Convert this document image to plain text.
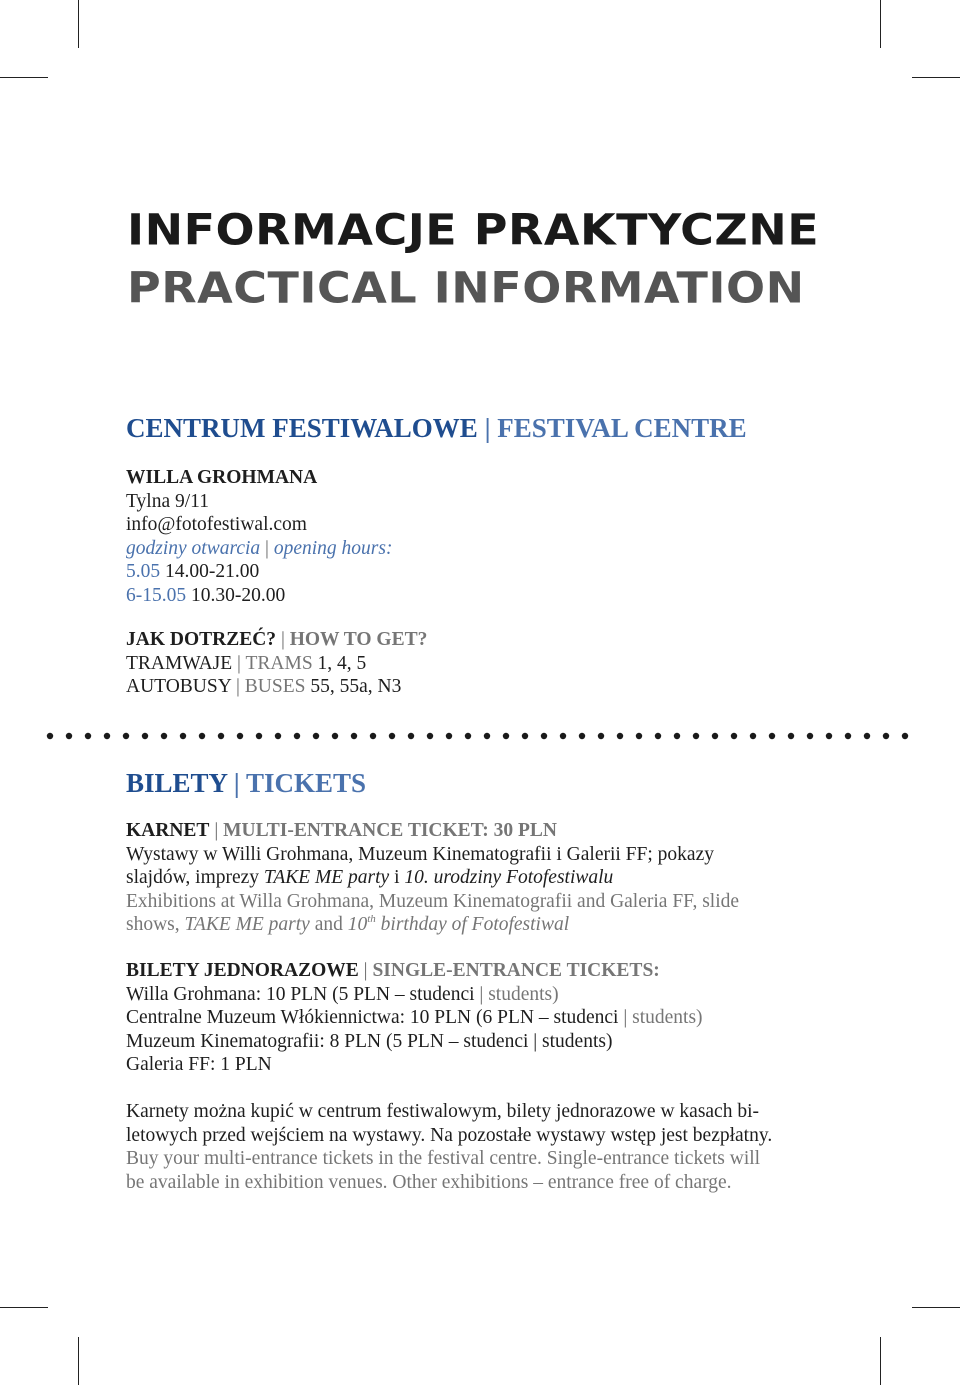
INFORMACJE PRAKTYCZNE
PRACTICAL INFORMATION
CENTRUM FESTIWALOWE | FESTIVAL CENTRE
WILLA GROHMANA
Tylna 9/11
info@fotofestiwal.com
godziny otwarcia | opening hours:
5.05 14.00-21.00
6-15.05 10.30-20.00
JAK DOTRZEĆ? | HOW TO GET?
TRAMWAJE | TRAMS 1, 4, 5
AUTOBUSY | BUSES 55, 55a, N3
BILETY | TICKETS
KARNET | MULTI-ENTRANCE TICKET: 30 PLN
Wystawy w Willi Grohmana, Muzeum Kinematografii i Galerii FF; pokazy
slajdów, imprezy TAKE ME party i 10. urodziny Fotofestiwalu
Exhibitions at Willa Grohmana, Muzeum Kinematografii and Galeria FF, slide
shows, TAKE ME party and 10th birthday of Fotofestiwal
BILETY JEDNORAZOWE | SINGLE-ENTRANCE TICKETS:
Willa Grohmana: 10 PLN (5 PLN – studenci | students)
Centralne Muzeum Włókiennictwa: 10 PLN (6 PLN – studenci | students)
Muzeum Kinematografii: 8 PLN (5 PLN – studenci | students)
Galeria FF: 1 PLN
Karnety można kupić w centrum festiwalowym, bilety jednorazowe w kasach bi-
letowych przed wejściem na wystawy. Na pozostałe wystawy wstęp jest bezpłatny.
Buy your multi-entrance tickets in the festival centre. Single-entrance tickets will
be available in exhibition venues. Other exhibitions – entrance free of charge.
